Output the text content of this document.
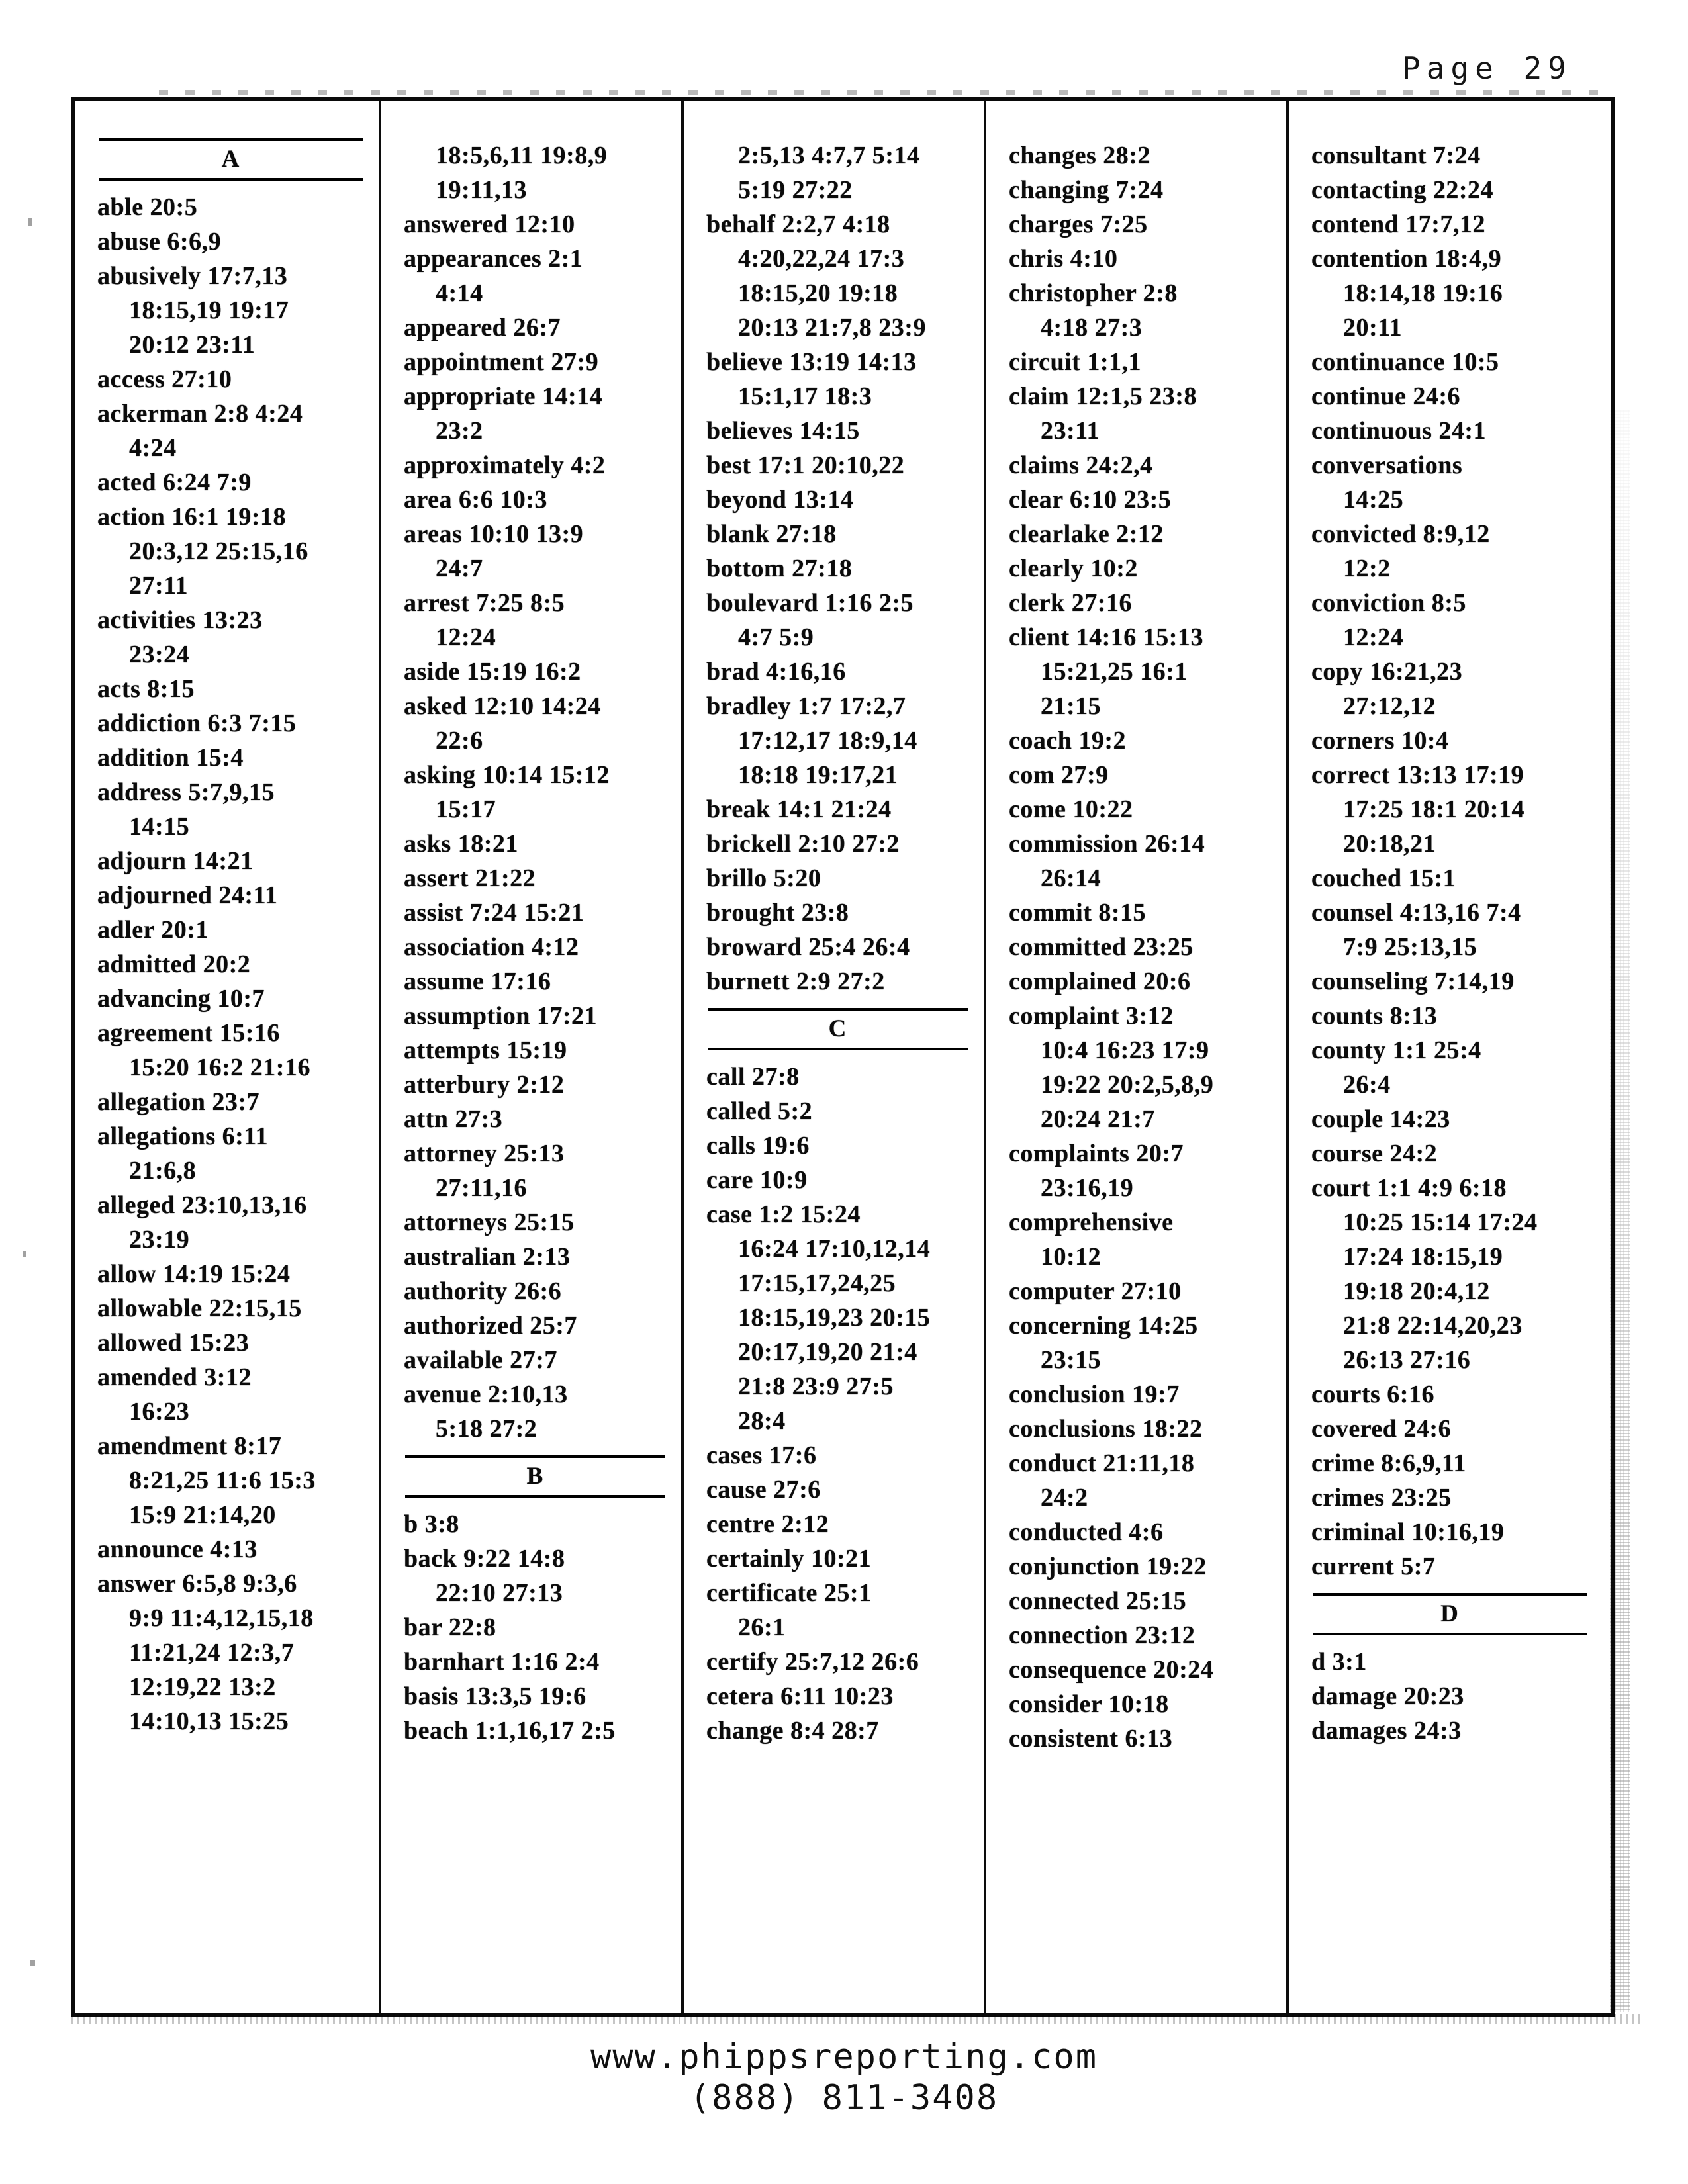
Page 29
A
able 20:5
abuse 6:6,9
abusively 17:7,13
18:15,19 19:17
20:12 23:11
access 27:10
ackerman 2:8 4:24
4:24
acted 6:24 7:9
action 16:1 19:18
20:3,12 25:15,16
27:11
activities 13:23
23:24
acts 8:15
addiction 6:3 7:15
addition 15:4
address 5:7,9,15
14:15
adjourn 14:21
adjourned 24:11
adler 20:1
admitted 20:2
advancing 10:7
agreement 15:16
15:20 16:2 21:16
allegation 23:7
allegations 6:11
21:6,8
alleged 23:10,13,16
23:19
allow 14:19 15:24
allowable 22:15,15
allowed 15:23
amended 3:12
16:23
amendment 8:17
8:21,25 11:6 15:3
15:9 21:14,20
announce 4:13
answer 6:5,8 9:3,6
9:9 11:4,12,15,18
11:21,24 12:3,7
12:19,22 13:2
14:10,13 15:25
18:5,6,11 19:8,9
19:11,13
answered 12:10
appearances 2:1
4:14
appeared 26:7
appointment 27:9
appropriate 14:14
23:2
approximately 4:2
area 6:6 10:3
areas 10:10 13:9
24:7
arrest 7:25 8:5
12:24
aside 15:19 16:2
asked 12:10 14:24
22:6
asking 10:14 15:12
15:17
asks 18:21
assert 21:22
assist 7:24 15:21
association 4:12
assume 17:16
assumption 17:21
attempts 15:19
atterbury 2:12
attn 27:3
attorney 25:13
27:11,16
attorneys 25:15
australian 2:13
authority 26:6
authorized 25:7
available 27:7
avenue 2:10,13
5:18 27:2
B
b 3:8
back 9:22 14:8
22:10 27:13
bar 22:8
barnhart 1:16 2:4
basis 13:3,5 19:6
beach 1:1,16,17 2:5
2:5,13 4:7,7 5:14
5:19 27:22
behalf 2:2,7 4:18
4:20,22,24 17:3
18:15,20 19:18
20:13 21:7,8 23:9
believe 13:19 14:13
15:1,17 18:3
believes 14:15
best 17:1 20:10,22
beyond 13:14
blank 27:18
bottom 27:18
boulevard 1:16 2:5
4:7 5:9
brad 4:16,16
bradley 1:7 17:2,7
17:12,17 18:9,14
18:18 19:17,21
break 14:1 21:24
brickell 2:10 27:2
brillo 5:20
brought 23:8
broward 25:4 26:4
burnett 2:9 27:2
C
call 27:8
called 5:2
calls 19:6
care 10:9
case 1:2 15:24
16:24 17:10,12,14
17:15,17,24,25
18:15,19,23 20:15
20:17,19,20 21:4
21:8 23:9 27:5
28:4
cases 17:6
cause 27:6
centre 2:12
certainly 10:21
certificate 25:1
26:1
certify 25:7,12 26:6
cetera 6:11 10:23
change 8:4 28:7
changes 28:2
changing 7:24
charges 7:25
chris 4:10
christopher 2:8
4:18 27:3
circuit 1:1,1
claim 12:1,5 23:8
23:11
claims 24:2,4
clear 6:10 23:5
clearlake 2:12
clearly 10:2
clerk 27:16
client 14:16 15:13
15:21,25 16:1
21:15
coach 19:2
com 27:9
come 10:22
commission 26:14
26:14
commit 8:15
committed 23:25
complained 20:6
complaint 3:12
10:4 16:23 17:9
19:22 20:2,5,8,9
20:24 21:7
complaints 20:7
23:16,19
comprehensive
10:12
computer 27:10
concerning 14:25
23:15
conclusion 19:7
conclusions 18:22
conduct 21:11,18
24:2
conducted 4:6
conjunction 19:22
connected 25:15
connection 23:12
consequence 20:24
consider 10:18
consistent 6:13
consultant 7:24
contacting 22:24
contend 17:7,12
contention 18:4,9
18:14,18 19:16
20:11
continuance 10:5
continue 24:6
continuous 24:1
conversations
14:25
convicted 8:9,12
12:2
conviction 8:5
12:24
copy 16:21,23
27:12,12
corners 10:4
correct 13:13 17:19
17:25 18:1 20:14
20:18,21
couched 15:1
counsel 4:13,16 7:4
7:9 25:13,15
counseling 7:14,19
counts 8:13
county 1:1 25:4
26:4
couple 14:23
course 24:2
court 1:1 4:9 6:18
10:25 15:14 17:24
17:24 18:15,19
19:18 20:4,12
21:8 22:14,20,23
26:13 27:16
courts 6:16
covered 24:6
crime 8:6,9,11
crimes 23:25
criminal 10:16,19
current 5:7
D
d 3:1
damage 20:23
damages 24:3
www.phippsreporting.com
(888) 811-3408
